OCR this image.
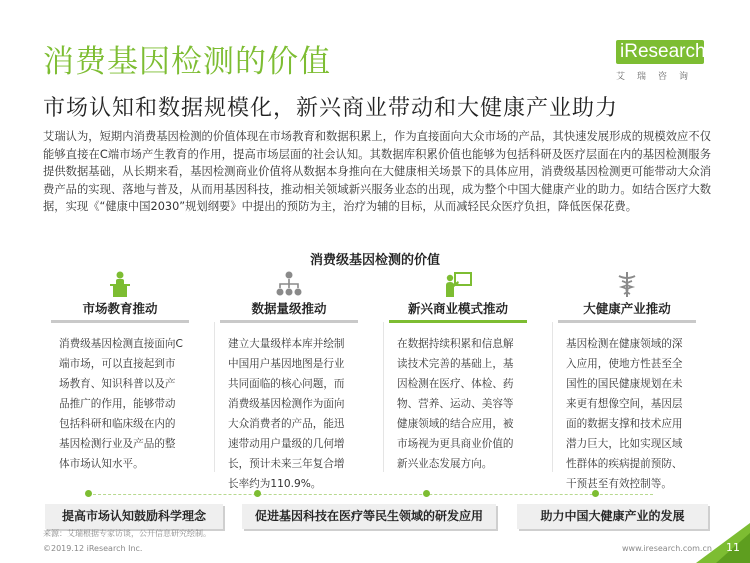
消费基因检测的价值	iResearch
艾瑞咨询
市场认知和数据规模化，新兴商业带动和大健康产业助力
艾瑞认为，短期内消费基因检测的价值体现在市场教育和数据积累上，作为直接面向大众市场的产品，其快速发展形成的规模效应不仅能够直接在C端市场产生教育的作用，提高市场层面的社会认知。其数据库积累价值也能够为包括科研及医疗层面在内的基因检测服务提供数据基础，从长期来看，基因检测商业价值将从数据本身推向在大健康相关场景下的具体应用，消费级基因检测更可能带动大众消费产品的实现、落地与普及，从而用基因科技，推动相关领域新兴服务业态的出现，成为整个中国大健康产业的助力。如结合医疗大数据，实现《“健康中国2030”规划纲要》中提出的预防为主，治疗为辅的目标，从而减轻民众医疗负担，降低医保花费。
消费级基因检测的价值
市场教育推动
消费级基因检测直接面向C端市场，可以直接起到市场教育、知识科普以及产品推广的作用，能够带动包括科研和临床级在内的基因检测行业及产品的整体市场认知水平。
数据量级推动
建立大量级样本库并绘制中国用户基因地图是行业共同面临的核心问题，而消费级基因检测作为面向大众消费者的产品，能迅速带动用户量级的几何增长，预计未来三年复合增长率约为110.9%。
新兴商业模式推动
在数据持续积累和信息解读技术完善的基础上，基因检测在医疗、体检、药物、营养、运动、美容等健康领域的结合应用，被市场视为更具商业价值的新兴业态发展方向。
大健康产业推动
基因检测在健康领域的深入应用，使地方性甚至全国性的国民健康规划在未来更有想像空间，基因层面的数据支撑和技术应用潜力巨大，比如实现区域性群体的疾病提前预防、干预甚至有效控制等。
提高市场认知鼓励科学理念	促进基因科技在医疗等民生领域的研发应用	助力中国大健康产业的发展
来源：艾瑞根据专家访谈，公开信息研究绘制。
©2019.12 iResearch Inc.	www.iresearch.com.cn 11
